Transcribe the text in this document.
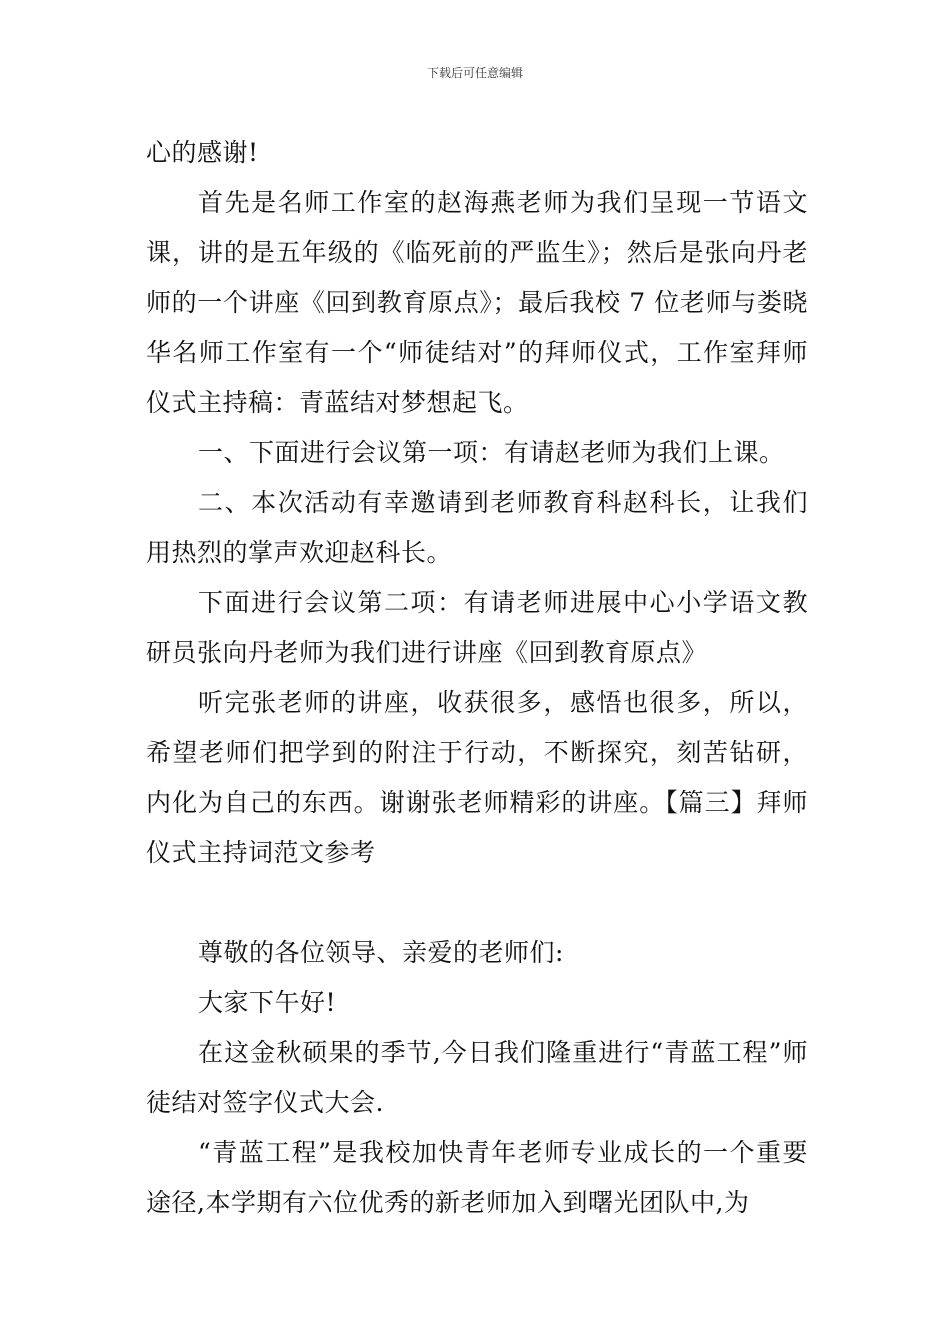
下载后可任意编辑

心的感谢!

首先是名师工作室的赵海燕老师为我们呈现一节语文课，讲的是五年级的《临死前的严监生》；然后是张向丹老师的一个讲座《回到教育原点》；最后我校 7 位老师与娄晓华名师工作室有一个“师徒结对”的拜师仪式，工作室拜师仪式主持稿：青蓝结对梦想起飞。

一、下面进行会议第一项：有请赵老师为我们上课。

二、本次活动有幸邀请到老师教育科赵科长，让我们用热烈的掌声欢迎赵科长。

下面进行会议第二项：有请老师进展中心小学语文教研员张向丹老师为我们进行讲座《回到教育原点》

听完张老师的讲座，收获很多，感悟也很多，所以，希望老师们把学到的附注于行动，不断探究，刻苦钻研，内化为自己的东西。谢谢张老师精彩的讲座。【篇三】拜师仪式主持词范文参考

尊敬的各位领导、亲爱的老师们:

大家下午好!

在这金秋硕果的季节,今日我们隆重进行“青蓝工程”师徒结对签字仪式大会.

“青蓝工程”是我校加快青年老师专业成长的一个重要途径,本学期有六位优秀的新老师加入到曙光团队中,为
